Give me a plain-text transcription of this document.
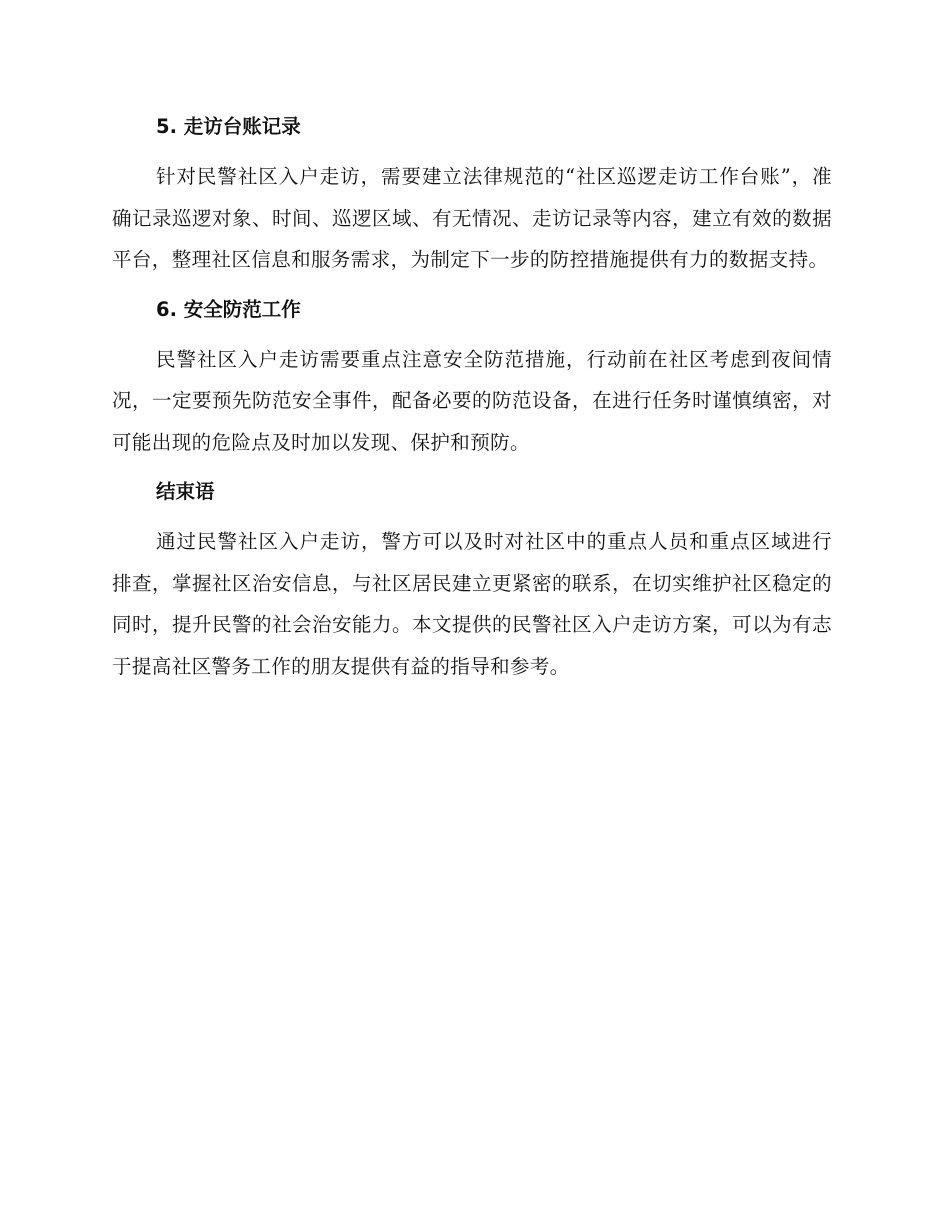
5. 走访台账记录

针对民警社区入户走访，需要建立法律规范的“社区巡逻走访工作台账”，准确记录巡逻对象、时间、巡逻区域、有无情况、走访记录等内容，建立有效的数据平台，整理社区信息和服务需求，为制定下一步的防控措施提供有力的数据支持。

6. 安全防范工作

民警社区入户走访需要重点注意安全防范措施，行动前在社区考虑到夜间情况，一定要预先防范安全事件，配备必要的防范设备，在进行任务时谨慎缜密，对可能出现的危险点及时加以发现、保护和预防。

结束语

通过民警社区入户走访，警方可以及时对社区中的重点人员和重点区域进行排查，掌握社区治安信息，与社区居民建立更紧密的联系，在切实维护社区稳定的同时，提升民警的社会治安能力。本文提供的民警社区入户走访方案，可以为有志于提高社区警务工作的朋友提供有益的指导和参考。
